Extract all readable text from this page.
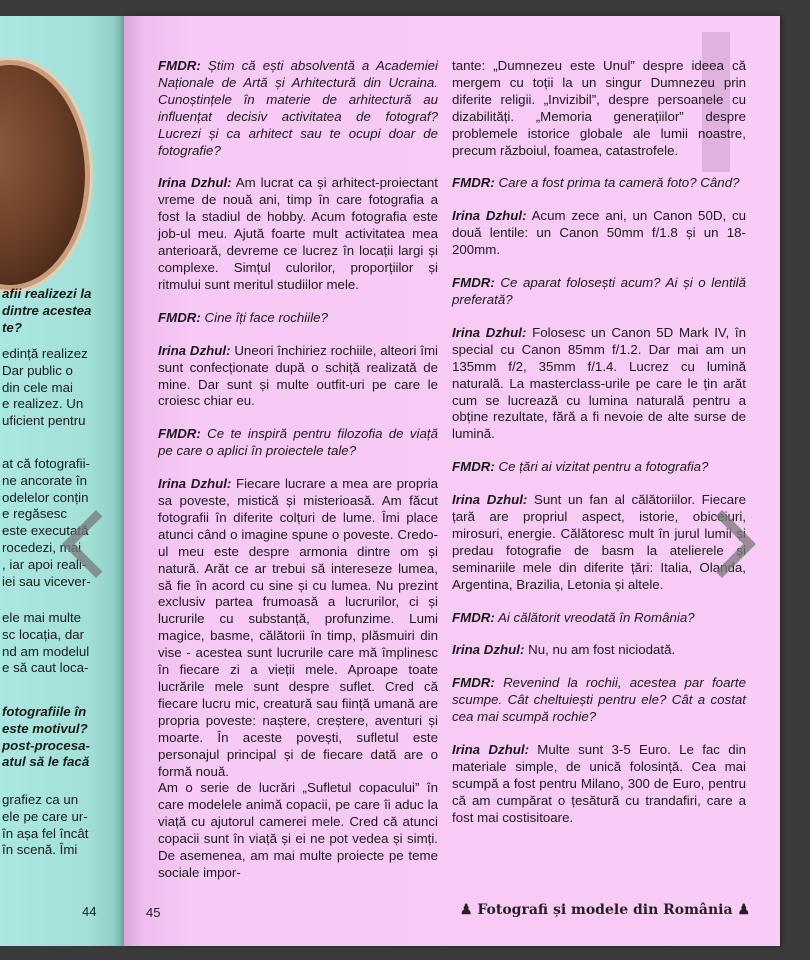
afii realizezi la
dintre acestea
te?
edință realizez
Dar public o
din cele mai
e realizez. Un
uficient pentru
at că fotografii-
ne ancorate în
odelelor conțin
e regăsesc
este executată
rocedezi, mai
, iar apoi reali-
iei sau vicever-
ele mai multe
sc locația, dar
nd am modelul
e să caut loca-
fotografiile în
este motivul?
post-procesa-
atul să le facă
grafiez ca un
ele pe care ur-
în așa fel încât
în scenă. Îmi
44

FMDR: Știm că ești absolventă a Academiei Naționale de Artă și Arhitectură din Ucraina. Cunoștințele în materie de arhitectură au influențat decisiv activitatea de fotograf? Lucrezi și ca arhitect sau te ocupi doar de fotografie?

Irina Dzhul: Am lucrat ca și arhitect-proiectant vreme de nouă ani, timp în care fotografia a fost la stadiul de hobby. Acum fotografia este job-ul meu. Ajută foarte mult activitatea mea anterioară, devreme ce lucrez în locații largi și complexe. Simțul culorilor, proporțiilor și ritmului sunt meritul studiilor mele.

FMDR: Cine îți face rochiile?

Irina Dzhul: Uneori închiriez rochiile, alteori îmi sunt confecționate după o schiță realizată de mine. Dar sunt și multe outfit-uri pe care le croiesc chiar eu.

FMDR: Ce te inspiră pentru filozofia de viață pe care o aplici în proiectele tale?

Irina Dzhul: Fiecare lucrare a mea are propria sa poveste, mistică și misterioasă. Am făcut fotografii în diferite colțuri de lume. Îmi place atunci când o imagine spune o poveste. Credo-ul meu este despre armonia dintre om și natură. Arăt ce ar trebui să intereseze lumea, să fie în acord cu sine și cu lumea. Nu prezint exclusiv partea frumoasă a lucrurilor, ci și lucrurile cu substanță, profunzime. Lumi magice, basme, călătorii în timp, plăsmuiri din vise - acestea sunt lucrurile care mă împlinesc în fiecare zi a vieții mele. Aproape toate lucrările mele sunt despre suflet. Cred că fiecare lucru mic, creatură sau ființă umană are propria poveste: naștere, creștere, aventuri și moarte. În aceste povești, sufletul este personajul principal și de fiecare dată are o formă nouă.

Am o serie de lucrări „Sufletul copacului” în care modelele animă copacii, pe care îi aduc la viață cu ajutorul camerei mele. Cred că atunci copacii sunt în viață și ei ne pot vedea și simți. De asemenea, am mai multe proiecte pe teme sociale impor-

tante: „Dumnezeu este Unul” despre ideea că mergem cu toții la un singur Dumnezeu prin diferite religii. „Invizibil”, despre persoanele cu dizabilități. „Memoria generațiilor” despre problemele istorice globale ale lumii noastre, precum războiul, foamea, catastrofele.

FMDR: Care a fost prima ta cameră foto? Când?

Irina Dzhul: Acum zece ani, un Canon 50D, cu două lentile: un Canon 50mm f/1.8 și un 18-200mm.

FMDR: Ce aparat folosești acum? Ai și o lentilă preferată?

Irina Dzhul: Folosesc un Canon 5D Mark IV, în special cu Canon 85mm f/1.2. Dar mai am un 135mm f/2, 35mm f/1.4. Lucrez cu lumină naturală. La masterclass-urile pe care le țin arăt cum se lucrează cu lumina naturală pentru a obține rezultate, fără a fi nevoie de alte surse de lumină.

FMDR: Ce țări ai vizitat pentru a fotografia?

Irina Dzhul: Sunt un fan al călătoriilor. Fiecare țară are propriul aspect, istorie, obiceiuri, mirosuri, energie. Călătoresc mult în jurul lumii și predau fotografie de basm la atelierele și seminariile mele din diferite țări: Italia, Olanda, Argentina, Brazilia, Letonia și altele.

FMDR: Ai călătorit vreodată în România?

Irina Dzhul: Nu, nu am fost niciodată.

FMDR: Revenind la rochii, acestea par foarte scumpe. Cât cheltuiești pentru ele? Cât a costat cea mai scumpă rochie?

Irina Dzhul: Multe sunt 3-5 Euro. Le fac din materiale simple, de unică folosință. Cea mai scumpă a fost pentru Milano, 300 de Euro, pentru că am cumpărat o țesătură cu trandafiri, care a fost mai costisitoare.

45	♟ Fotografi și modele din România ♟
